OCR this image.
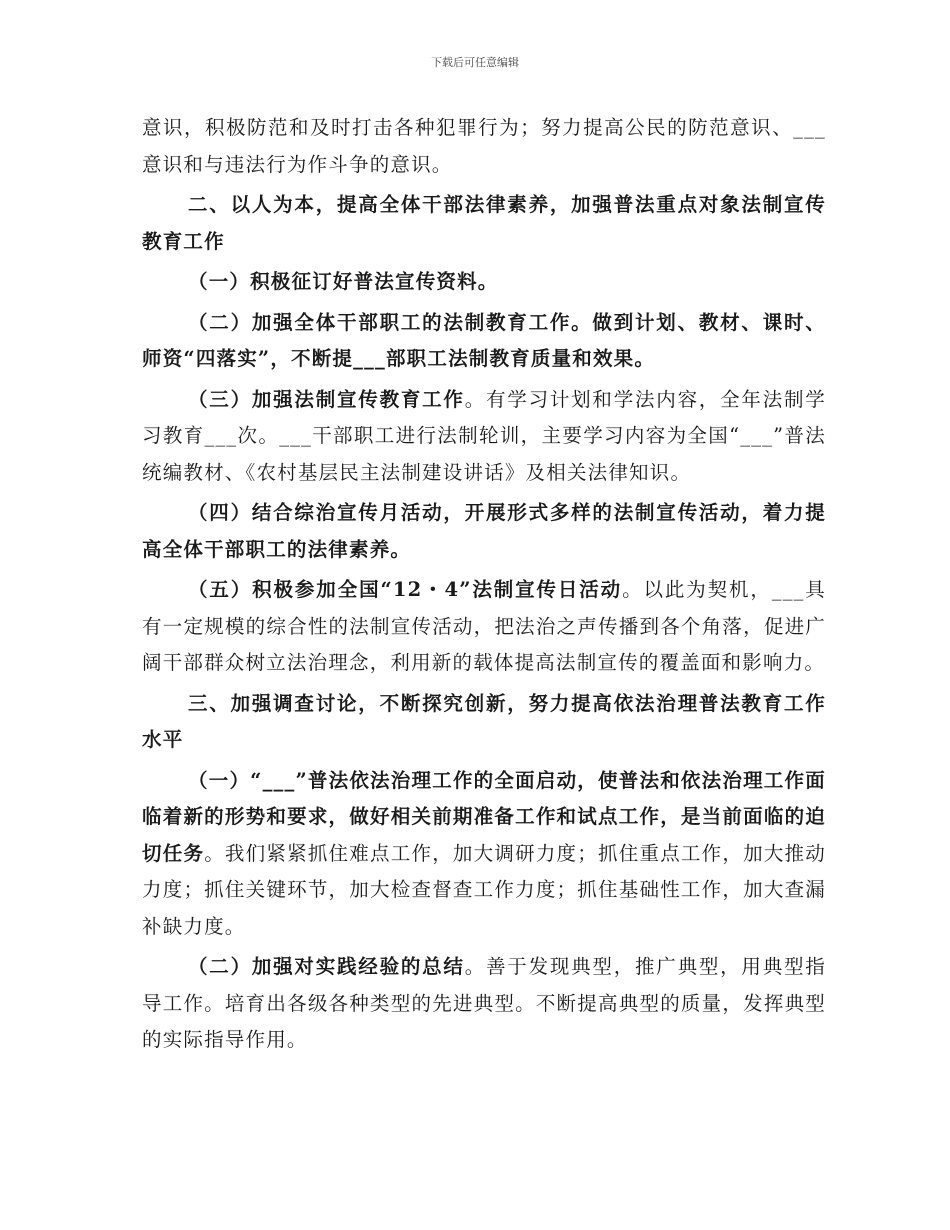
下载后可任意编辑

意识，积极防范和及时打击各种犯罪行为；努力提高公民的防范意识、___意识和与违法行为作斗争的意识。

二、以人为本，提高全体干部法律素养，加强普法重点对象法制宣传教育工作

（一）积极征订好普法宣传资料。

（二）加强全体干部职工的法制教育工作。做到计划、教材、课时、师资“四落实”，不断提___部职工法制教育质量和效果。

（三）加强法制宣传教育工作。有学习计划和学法内容，全年法制学习教育___次。___干部职工进行法制轮训，主要学习内容为全国“___”普法统编教材、《农村基层民主法制建设讲话》及相关法律知识。

（四）结合综治宣传月活动，开展形式多样的法制宣传活动，着力提高全体干部职工的法律素养。

（五）积极参加全国“12・4”法制宣传日活动。以此为契机，___具有一定规模的综合性的法制宣传活动，把法治之声传播到各个角落，促进广阔干部群众树立法治理念，利用新的载体提高法制宣传的覆盖面和影响力。

三、加强调查讨论，不断探究创新，努力提高依法治理普法教育工作水平

（一）“___”普法依法治理工作的全面启动，使普法和依法治理工作面临着新的形势和要求，做好相关前期准备工作和试点工作，是当前面临的迫切任务。我们紧紧抓住难点工作，加大调研力度；抓住重点工作，加大推动力度；抓住关键环节，加大检查督查工作力度；抓住基础性工作，加大查漏补缺力度。

（二）加强对实践经验的总结。善于发现典型，推广典型，用典型指导工作。培育出各级各种类型的先进典型。不断提高典型的质量，发挥典型的实际指导作用。
